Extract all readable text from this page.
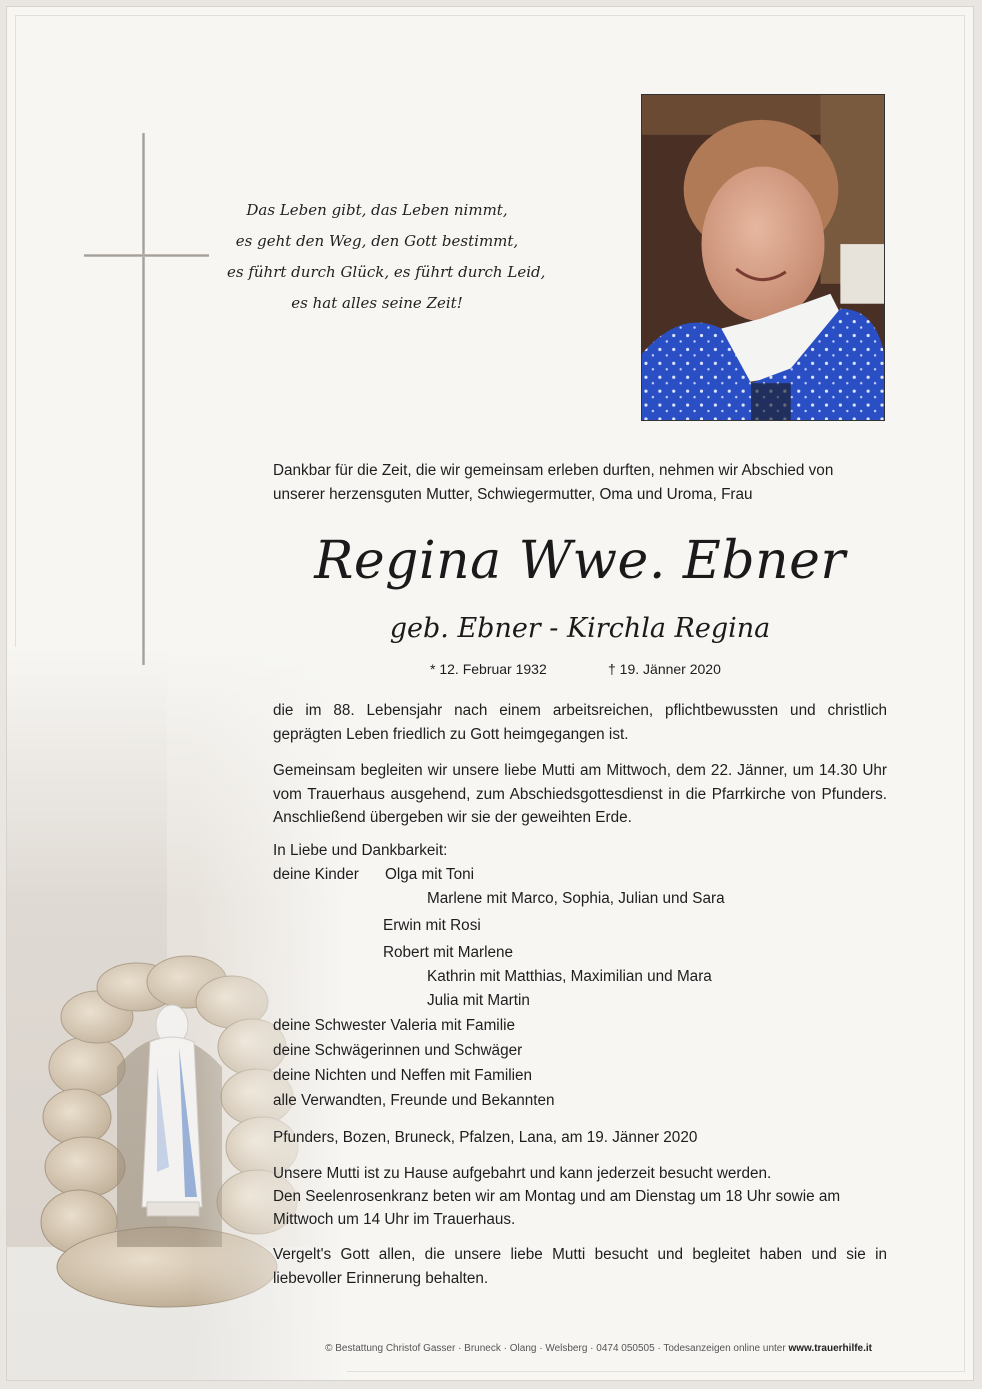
Das Leben gibt, das Leben nimmt,
es geht den Weg, den Gott bestimmt,
es führt durch Glück, es führt durch Leid,
es hat alles seine Zeit!
Dankbar für die Zeit, die wir gemeinsam erleben durften, nehmen wir Abschied von
unserer herzensguten Mutter, Schwiegermutter, Oma und Uroma, Frau
Regina Wwe. Ebner
geb. Ebner - Kirchla Regina
* 12. Februar 1932	† 19. Jänner 2020
die im 88. Lebensjahr nach einem arbeitsreichen, pflichtbewussten und christlich geprägten Leben friedlich zu Gott heimgegangen ist.
Gemeinsam begleiten wir unsere liebe Mutti am Mittwoch, dem 22. Jänner, um 14.30 Uhr vom Trauerhaus ausgehend, zum Abschiedsgottesdienst in die Pfarrkirche von Pfunders. Anschließend übergeben wir sie der geweihten Erde.
In Liebe und Dankbarkeit:
deine Kinder Olga mit Toni
Marlene mit Marco, Sophia, Julian und Sara
Erwin mit Rosi
Robert mit Marlene
Kathrin mit Matthias, Maximilian und Mara
Julia mit Martin
deine Schwester Valeria mit Familie
deine Schwägerinnen und Schwäger
deine Nichten und Neffen mit Familien
alle Verwandten, Freunde und Bekannten
Pfunders, Bozen, Bruneck, Pfalzen, Lana, am 19. Jänner 2020
Unsere Mutti ist zu Hause aufgebahrt und kann jederzeit besucht werden.
Den Seelenrosenkranz beten wir am Montag und am Dienstag um 18 Uhr sowie am
Mittwoch um 14 Uhr im Trauerhaus.
Vergelt's Gott allen, die unsere liebe Mutti besucht und begleitet haben und sie in liebevoller Erinnerung behalten.
© Bestattung Christof Gasser · Bruneck · Olang · Welsberg · 0474 050505 · Todesanzeigen online unter www.trauerhilfe.it
